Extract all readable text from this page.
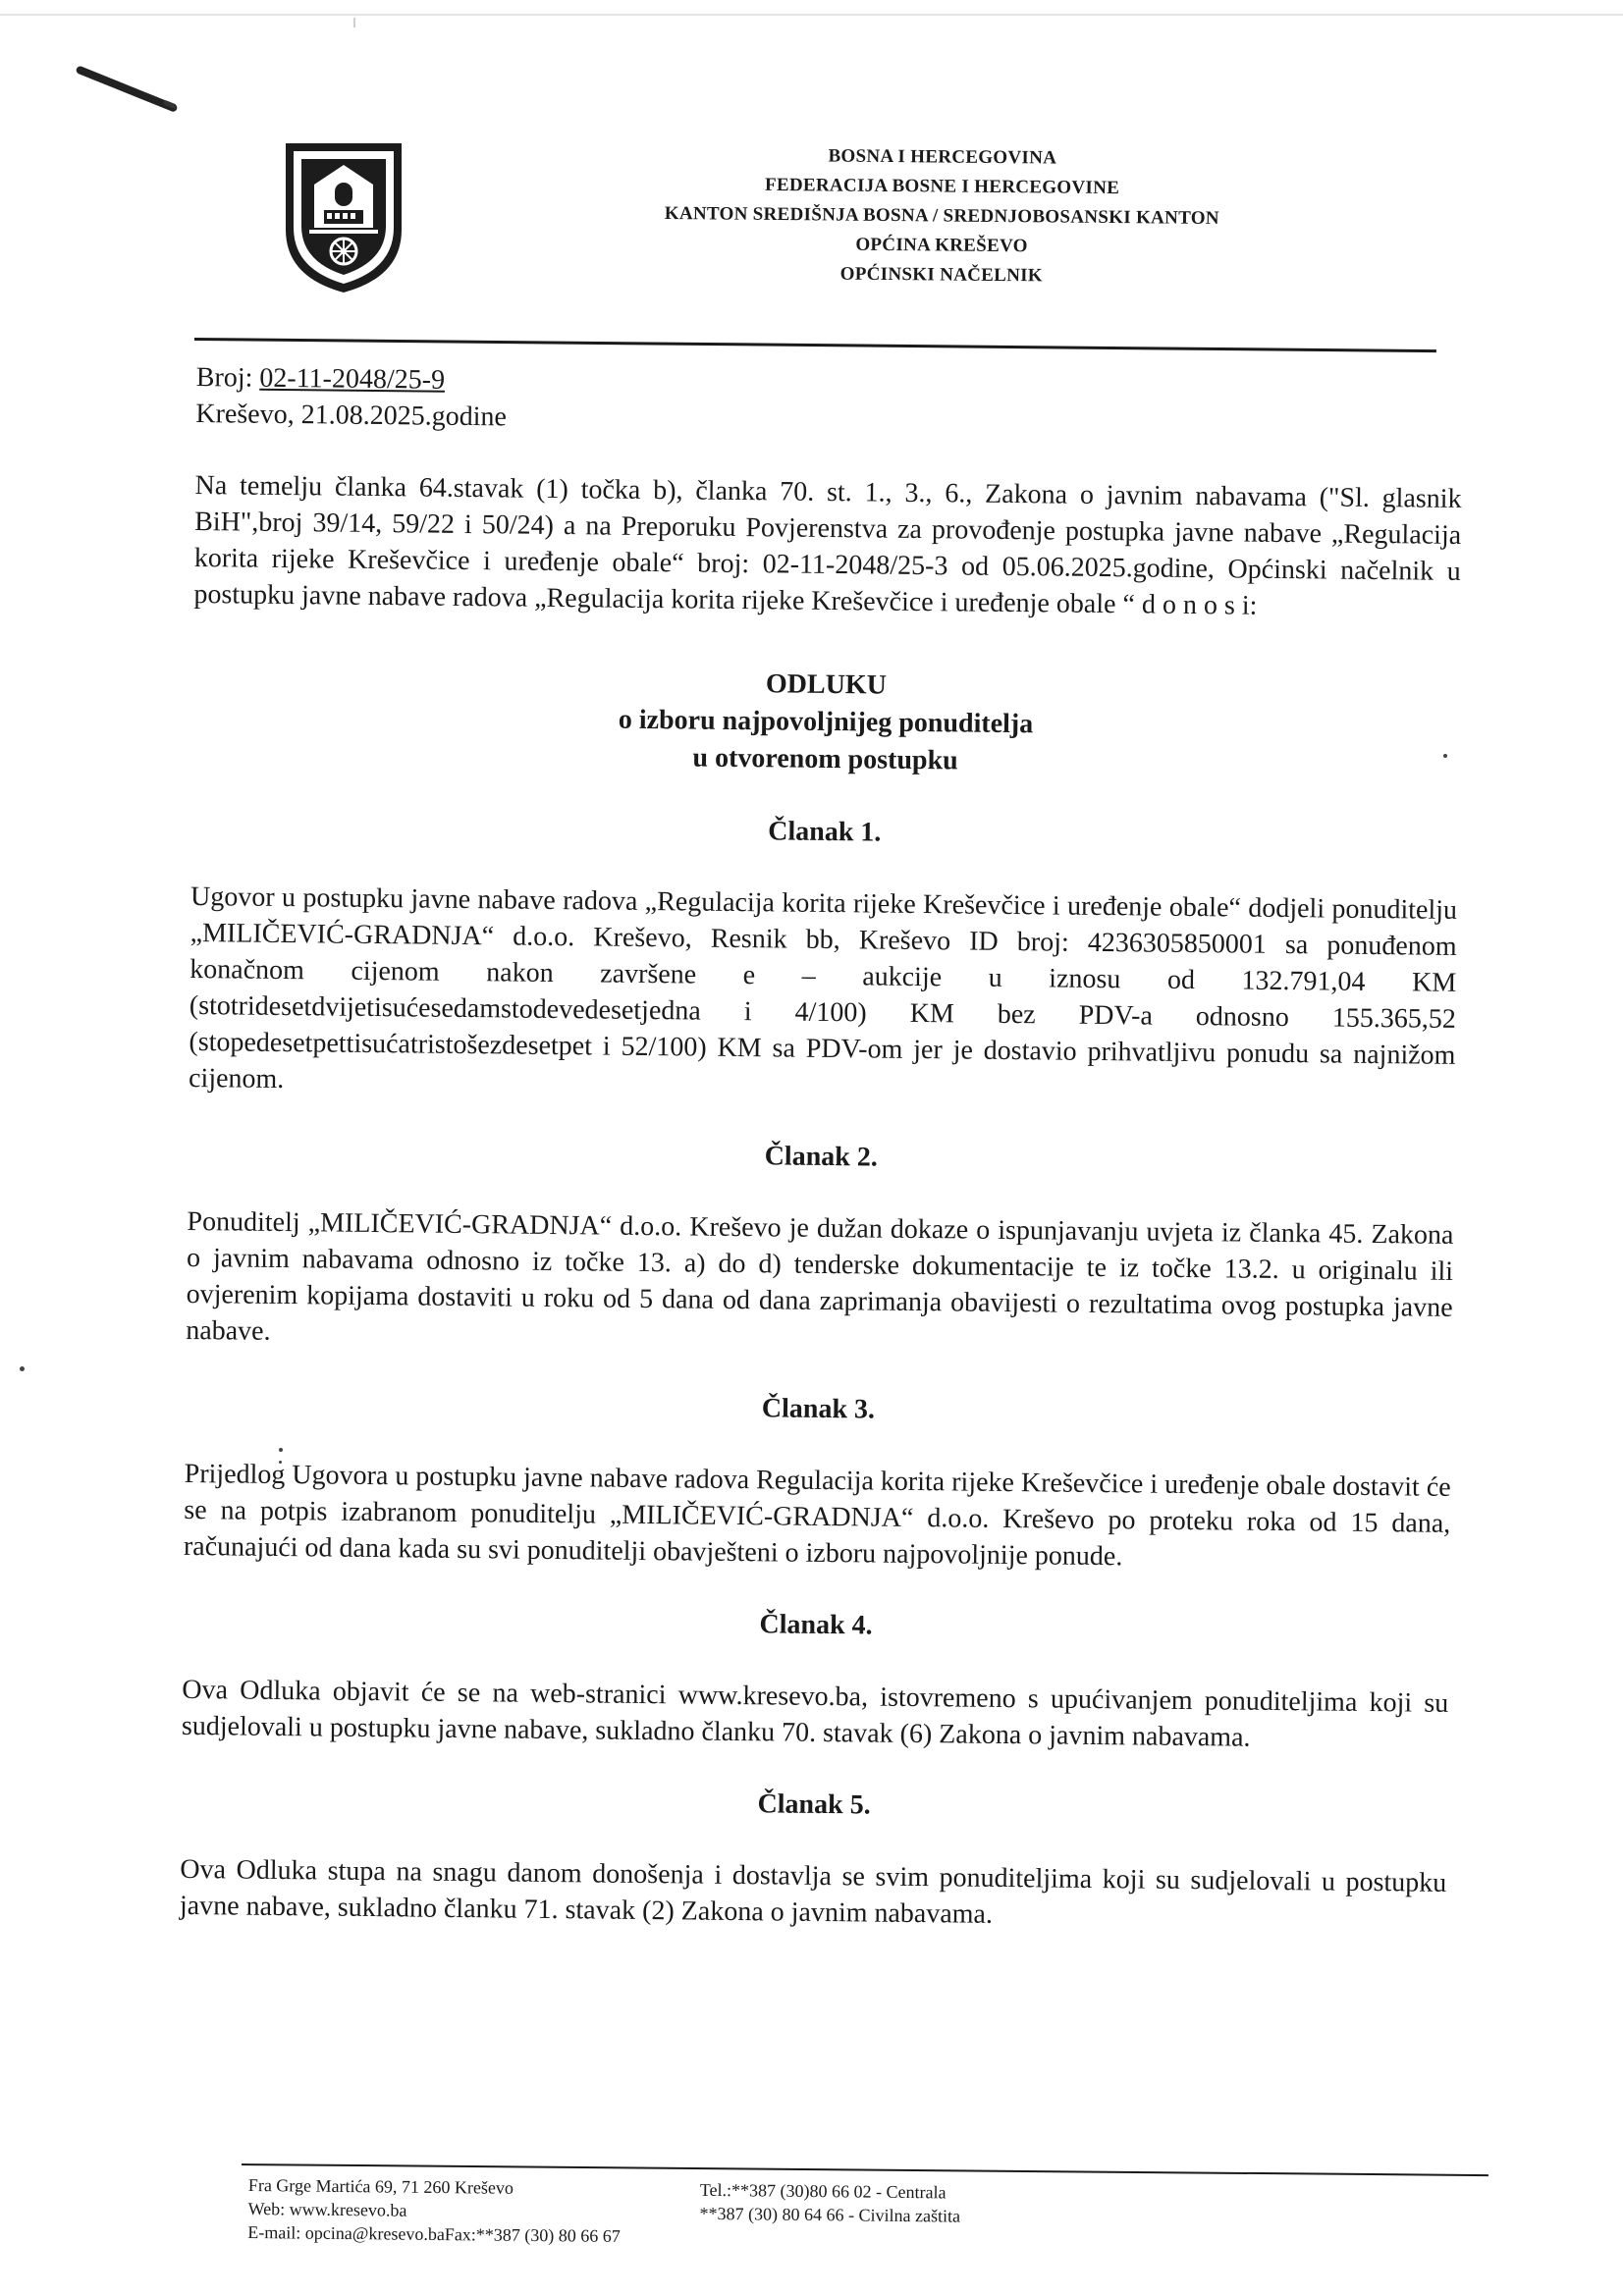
BOSNA I HERCEGOVINA
FEDERACIJA BOSNE I HERCEGOVINE
KANTON SREDIŠNJA BOSNA / SREDNJOBOSANSKI KANTON
OPĆINA KREŠEVO
OPĆINSKI NAČELNIK
Broj: 02-11-2048/25-9
Kreševo, 21.08.2025.godine

Na temelju članka 64.stavak (1) točka b), članka 70. st. 1., 3., 6., Zakona o javnim nabavama ("Sl. glasnik BiH",broj 39/14, 59/22 i 50/24) a na Preporuku Povjerenstva za provođenje postupka javne nabave „Regulacija korita rijeke Kreševčice i uređenje obale“ broj: 02-11-2048/25-3 od 05.06.2025.godine, Općinski načelnik u postupku javne nabave radova „Regulacija korita rijeke Kreševčice i uređenje obale “ d o n o s i:

ODLUKU
o izboru najpovoljnijeg ponuditelja
u otvorenom postupku
Članak 1.

Ugovor u postupku javne nabave radova „Regulacija korita rijeke Kreševčice i uređenje obale“ dodjeli ponuditelju „MILIČEVIĆ-GRADNJA“ d.o.o. Kreševo, Resnik bb, Kreševo ID broj: 4236305850001 sa ponuđenom konačnom cijenom nakon završene e – aukcije u iznosu od 132.791,04 KM (stotridesetdvijetisućesedamstodevedesetjedna i 4/100) KM bez PDV-a odnosno 155.365,52 (stopedesetpettisućatristošezdesetpet i 52/100) KM sa PDV-om jer je dostavio prihvatljivu ponudu sa najnižom cijenom.

Članak 2.

Ponuditelj „MILIČEVIĆ-GRADNJA“ d.o.o. Kreševo je dužan dokaze o ispunjavanju uvjeta iz članka 45. Zakona o javnim nabavama odnosno iz točke 13. a) do d) tenderske dokumentacije te iz točke 13.2. u originalu ili ovjerenim kopijama dostaviti u roku od 5 dana od dana zaprimanja obavijesti o rezultatima ovog postupka javne nabave.

Članak 3.

Prijedlog Ugovora u postupku javne nabave radova Regulacija korita rijeke Kreševčice i uređenje obale dostavit će se na potpis izabranom ponuditelju „MILIČEVIĆ-GRADNJA“ d.o.o. Kreševo po proteku roka od 15 dana, računajući od dana kada su svi ponuditelji obavješteni o izboru najpovoljnije ponude.

Članak 4.

Ova Odluka objavit će se na web-stranici www.kresevo.ba, istovremeno s upućivanjem ponuditeljima koji su sudjelovali u postupku javne nabave, sukladno članku 70. stavak (6) Zakona o javnim nabavama.

Članak 5.

Ova Odluka stupa na snagu danom donošenja i dostavlja se svim ponuditeljima koji su sudjelovali u postupku javne nabave, sukladno članku 71. stavak (2) Zakona o javnim nabavama.

Fra Grge Martića 69, 71 260 Kreševo
Web: www.kresevo.ba
E-mail: opcina@kresevo.baFax:**387 (30) 80 66 67
Tel.:**387 (30)80 66 02 - Centrala
**387 (30) 80 64 66 - Civilna zaštita
